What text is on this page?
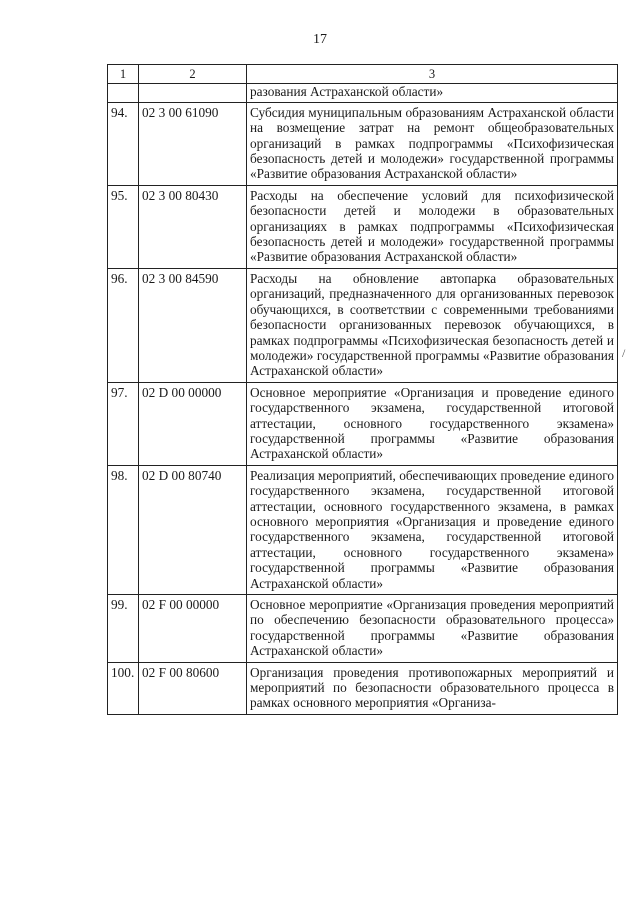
17
1	2	3
		разования Астраханской области»
94.	02 3 00 61090	Субсидия муниципальным образованиям Астраханской области на возмещение затрат на ремонт общеобразовательных организаций в рамках подпрограммы «Психофизическая безопасность детей и молодежи» государственной программы «Развитие образования Астраханской области»
95.	02 3 00 80430	Расходы на обеспечение условий для психофизической безопасности детей и молодежи в образовательных организациях в рамках подпрограммы «Психофизическая безопасность детей и молодежи» государственной программы «Развитие образования Астраханской области»
96.	02 3 00 84590	Расходы на обновление автопарка образовательных организаций, предназначенного для организованных перевозок обучающихся, в соответствии с современными требованиями безопасности организованных перевозок обучающихся, в рамках подпрограммы «Психофизическая безопасность детей и молодежи» государственной программы «Развитие образования Астраханской области»
97.	02 D 00 00000	Основное мероприятие «Организация и проведение единого государственного экзамена, государственной итоговой аттестации, основного государственного экзамена» государственной программы «Развитие образования Астраханской области»
98.	02 D 00 80740	Реализация мероприятий, обеспечивающих проведение единого государственного экзамена, государственной итоговой аттестации, основного государственного экзамена, в рамках основного мероприятия «Организация и проведение единого государственного экзамена, государственной итоговой аттестации, основного государственного экзамена» государственной программы «Развитие образования Астраханской области»
99.	02 F 00 00000	Основное мероприятие «Организация проведения мероприятий по обеспечению безопасности образовательного процесса» государственной программы «Развитие образования Астраханской области»
100.	02 F 00 80600	Организация проведения противопожарных мероприятий и мероприятий по безопасности образовательного процесса в рамках основного мероприятия «Организа-
/
